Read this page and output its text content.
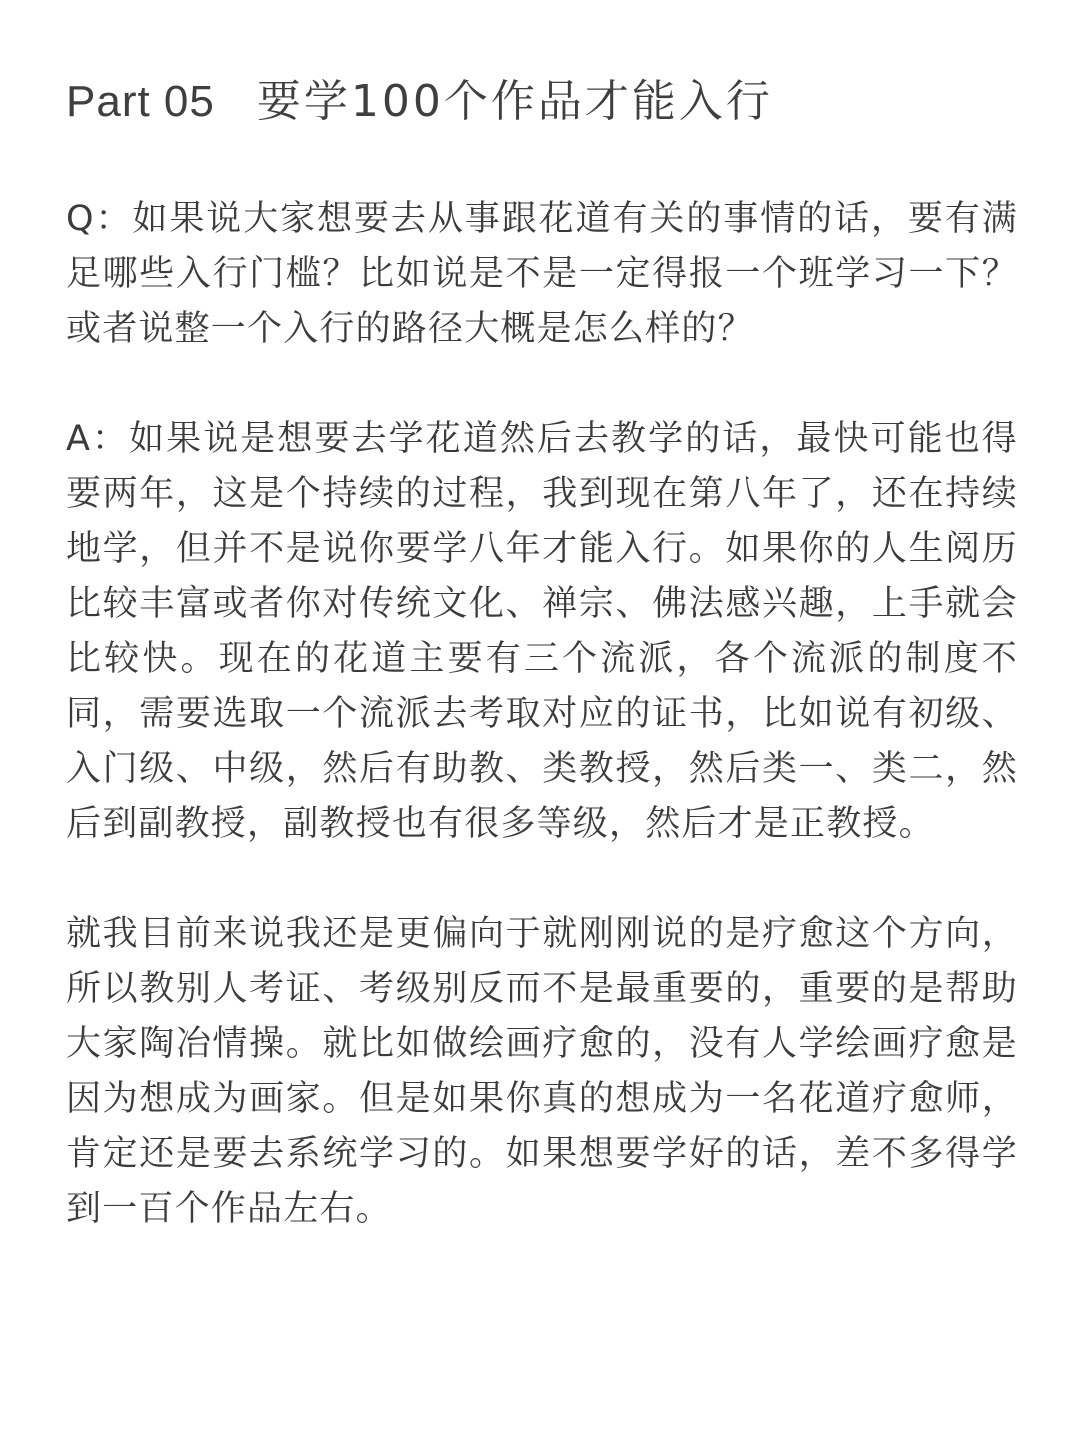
Part 05 要学100个作品才能入行

Q：如果说大家想要去从事跟花道有关的事情的话，要有满足哪些入行门槛？比如说是不是一定得报一个班学习一下？或者说整一个入行的路径大概是怎么样的？

A：如果说是想要去学花道然后去教学的话，最快可能也得要两年，这是个持续的过程，我到现在第八年了，还在持续地学，但并不是说你要学八年才能入行。如果你的人生阅历比较丰富或者你对传统文化、禅宗、佛法感兴趣，上手就会比较快。现在的花道主要有三个流派，各个流派的制度不同，需要选取一个流派去考取对应的证书，比如说有初级、入门级、中级，然后有助教、类教授，然后类一、类二，然后到副教授，副教授也有很多等级，然后才是正教授。

就我目前来说我还是更偏向于就刚刚说的是疗愈这个方向，所以教别人考证、考级别反而不是最重要的，重要的是帮助大家陶冶情操。就比如做绘画疗愈的，没有人学绘画疗愈是因为想成为画家。但是如果你真的想成为一名花道疗愈师，肯定还是要去系统学习的。如果想要学好的话，差不多得学到一百个作品左右。
